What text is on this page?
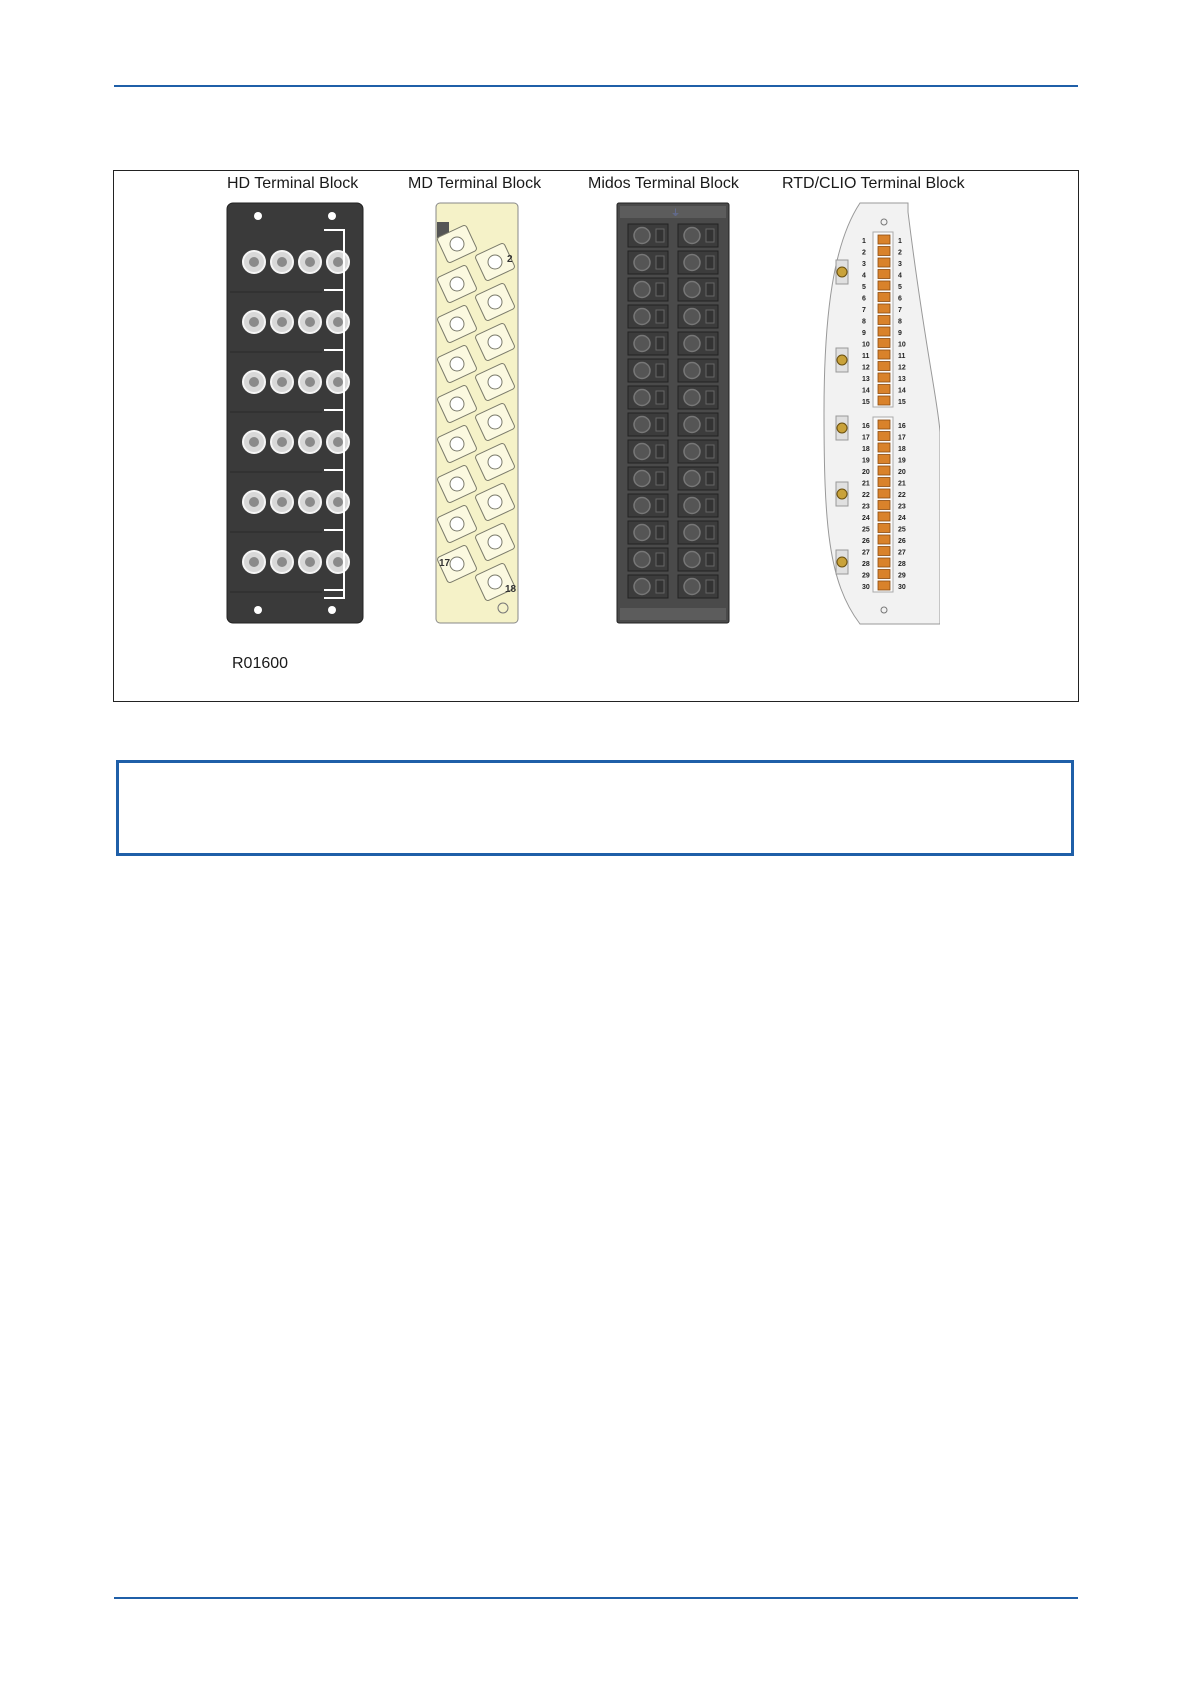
HD Terminal Block	MD Terminal Block	Midos Terminal Block	RTD/CLIO Terminal Block
2
17
18
⏚
1	1
2	2
3	3
4	4
5	5
6	6
7	7
8	8
9	9
10	10
11	11
12	12
13	13
14	14
15	15
16	16
17	17
18	18
19	19
20	20
21	21
22	22
23	23
24	24
25	25
26	26
27	27
28	28
29	29
30	30
R01600
